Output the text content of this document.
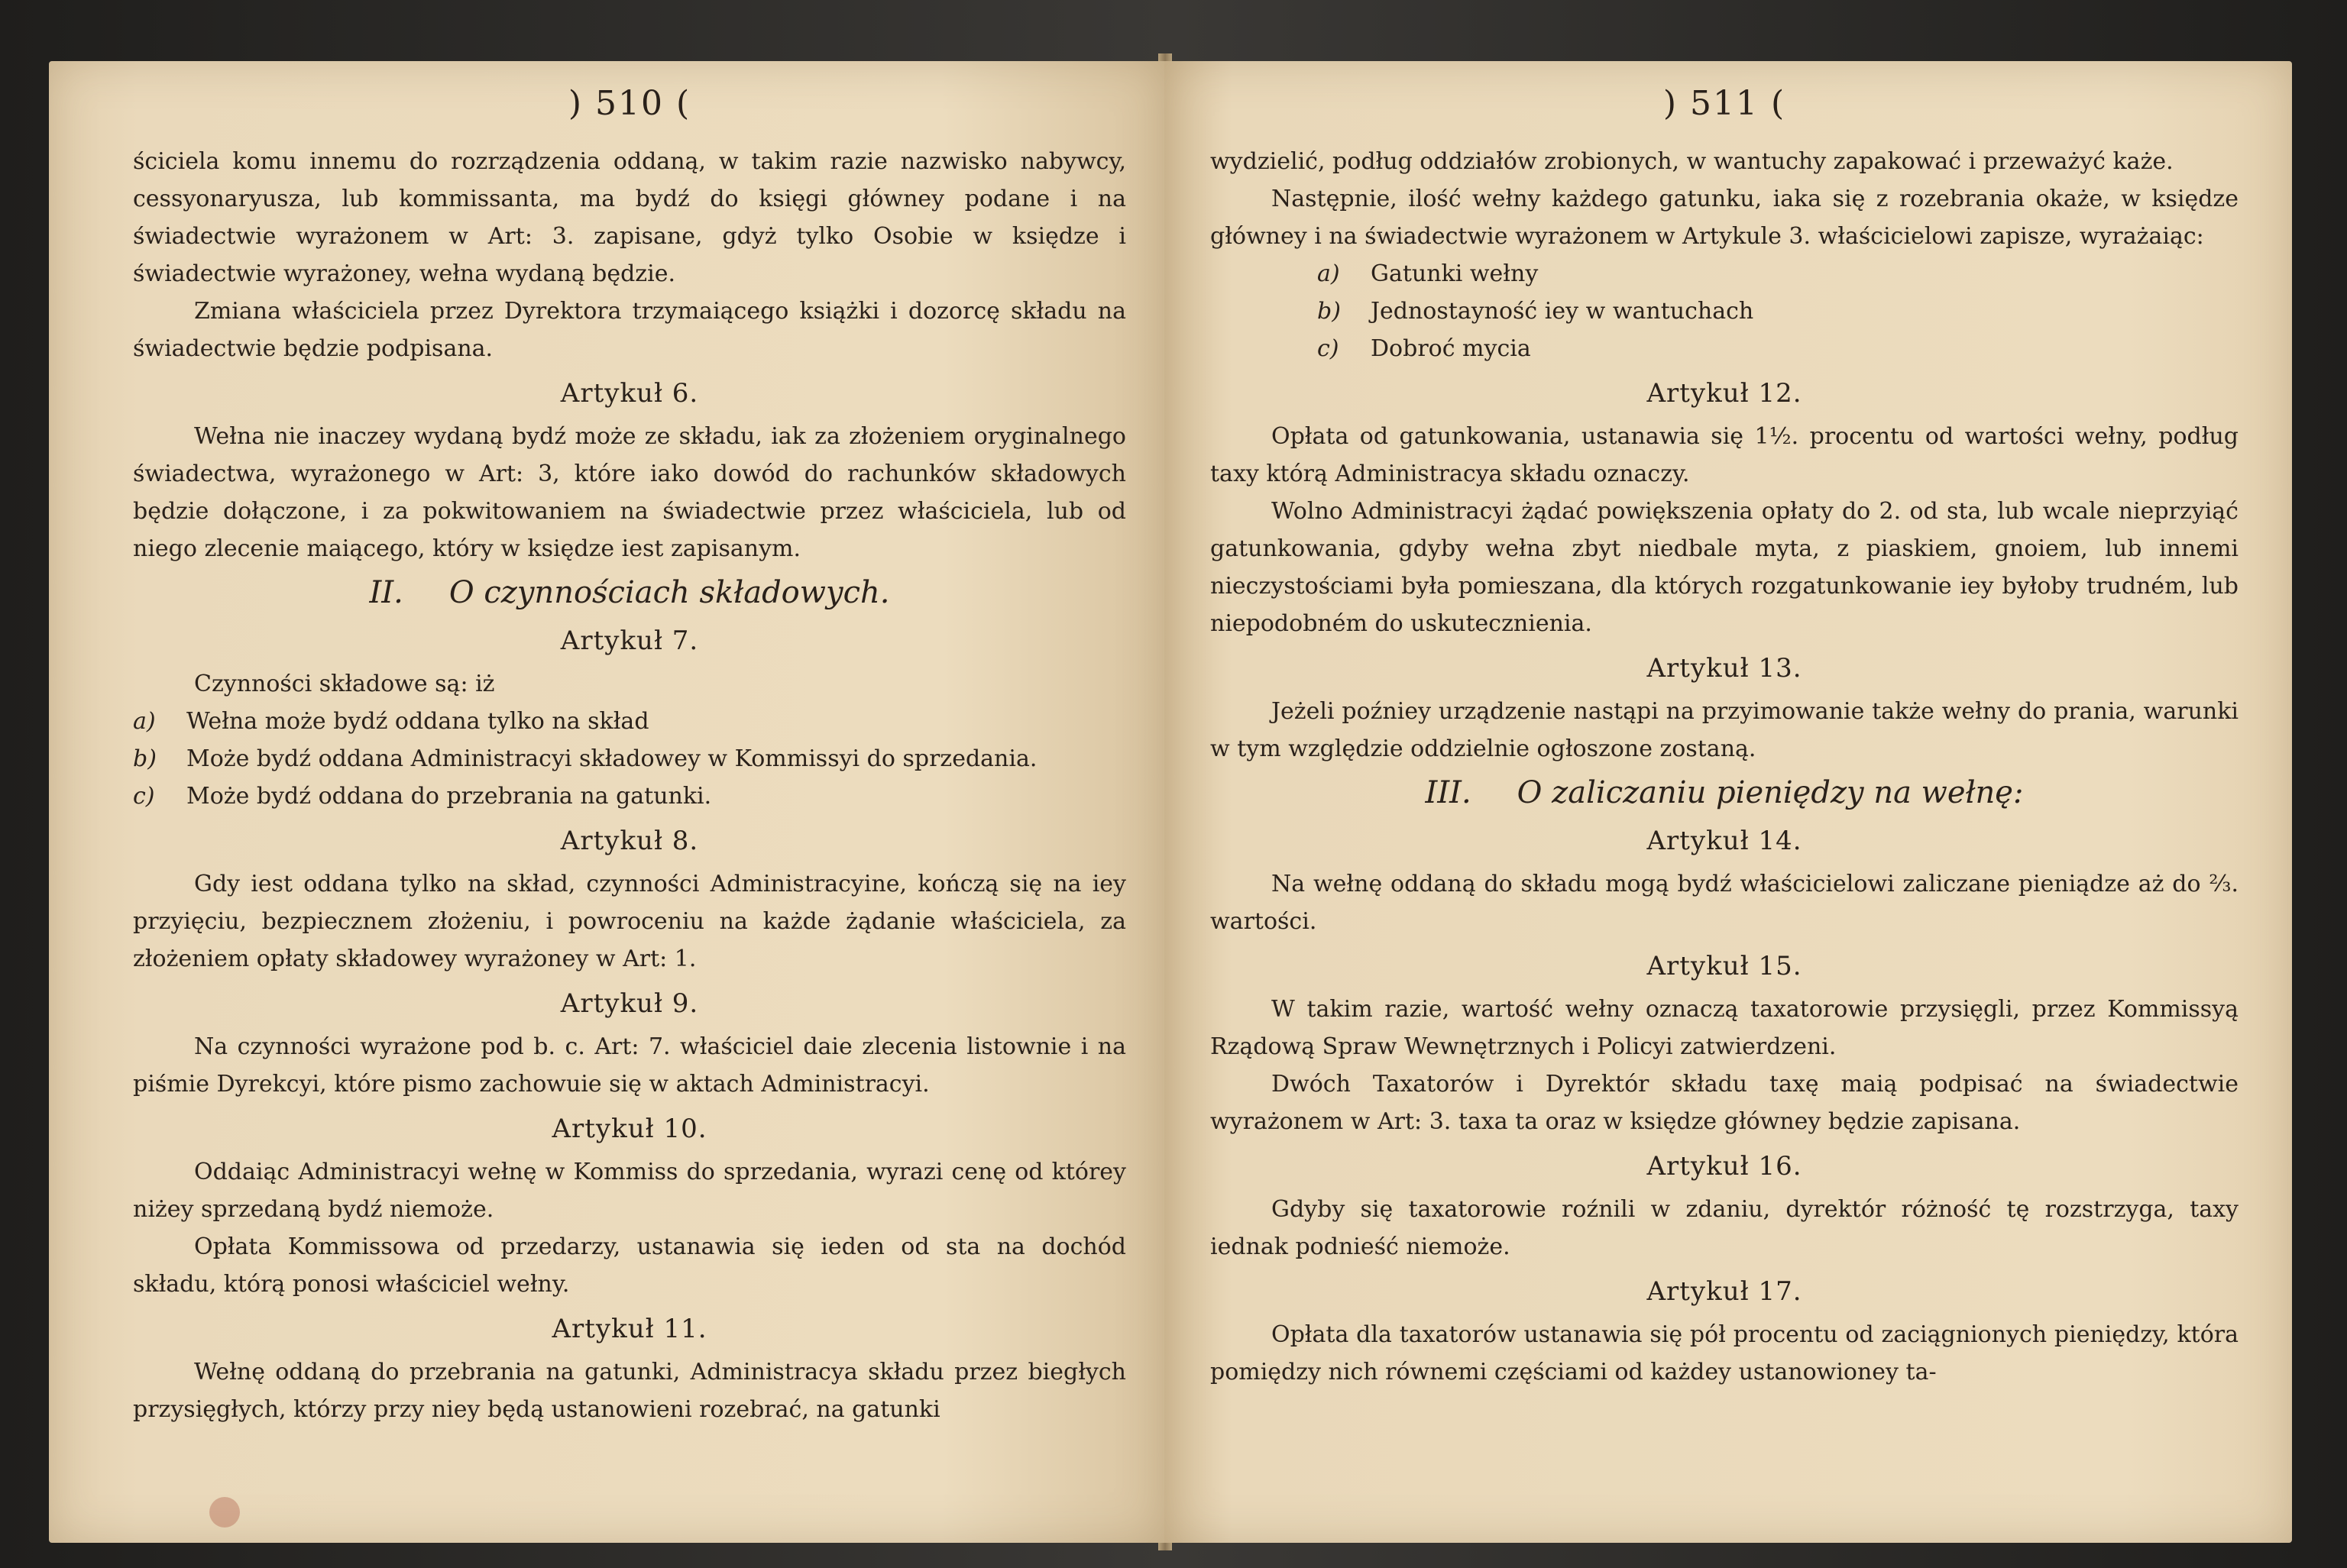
) 510 (

ściciela komu innemu do rozrządzenia oddaną, w takim razie nazwisko nabywcy, cessyonaryusza, lub kommissanta, ma bydź do księgi główney podane i na świadectwie wyrażonem w Art: 3. zapisane, gdyż tylko Osobie w księdze i świadectwie wyrażoney, wełna wydaną będzie.

Zmiana właściciela przez Dyrektora trzymaiącego książki i dozorcę składu na świadectwie będzie podpisana.

Artykuł 6.

Wełna nie inaczey wydaną bydź może ze składu, iak za złożeniem oryginalnego świadectwa, wyrażonego w Art: 3, które iako dowód do rachunków składowych będzie dołączone, i za pokwitowaniem na świadectwie przez właściciela, lub od niego zlecenie maiącego, który w księdze iest zapisanym.

II. O czynnościach składowych.
Artykuł 7.

Czynności składowe są: iż

a) Wełna może bydź oddana tylko na skład
b) Może bydź oddana Administracyi składowey w Kommissyi do sprzedania.
c) Może bydź oddana do przebrania na gatunki.
Artykuł 8.

Gdy iest oddana tylko na skład, czynności Administracyine, kończą się na iey przyięciu, bezpiecznem złożeniu, i powroceniu na każde żądanie właściciela, za złożeniem opłaty składowey wyrażoney w Art: 1.

Artykuł 9.

Na czynności wyrażone pod b. c. Art: 7. właściciel daie zlecenia listownie i na piśmie Dyrekcyi, które pismo zachowuie się w aktach Administracyi.

Artykuł 10.

Oddaiąc Administracyi wełnę w Kommiss do sprzedania, wyrazi cenę od którey niżey sprzedaną bydź niemoże.

Opłata Kommissowa od przedarzy, ustanawia się ieden od sta na dochód składu, którą ponosi właściciel wełny.

Artykuł 11.

Wełnę oddaną do przebrania na gatunki, Administracya składu przez biegłych przysięgłych, którzy przy niey będą ustanowieni rozebrać, na gatunki

) 511 (

wydzielić, podług oddziałów zrobionych, w wantuchy zapakować i przeważyć każe.

Następnie, ilość wełny każdego gatunku, iaka się z rozebrania okaże, w księdze główney i na świadectwie wyrażonem w Artykule 3. właścicielowi zapisze, wyrażaiąc:

a) Gatunki wełny
b) Jednostayność iey w wantuchach
c) Dobroć mycia
Artykuł 12.

Opłata od gatunkowania, ustanawia się 1½. procentu od wartości wełny, podług taxy którą Administracya składu oznaczy.

Wolno Administracyi żądać powiększenia opłaty do 2. od sta, lub wcale nieprzyiąć gatunkowania, gdyby wełna zbyt niedbale myta, z piaskiem, gnoiem, lub innemi nieczystościami była pomieszana, dla których rozgatunkowanie iey byłoby trudném, lub niepodobném do uskutecznienia.

Artykuł 13.

Jeżeli poźniey urządzenie nastąpi na przyimowanie także wełny do prania, warunki w tym względzie oddzielnie ogłoszone zostaną.

III. O zaliczaniu pieniędzy na wełnę:
Artykuł 14.

Na wełnę oddaną do składu mogą bydź właścicielowi zaliczane pieniądze aż do ⅔. wartości.

Artykuł 15.

W takim razie, wartość wełny oznaczą taxatorowie przysięgli, przez Kommissyą Rządową Spraw Wewnętrznych i Policyi zatwierdzeni.

Dwóch Taxatorów i Dyrektór składu taxę maią podpisać na świadectwie wyrażonem w Art: 3. taxa ta oraz w księdze główney będzie zapisana.

Artykuł 16.

Gdyby się taxatorowie roźnili w zdaniu, dyrektór różność tę rozstrzyga, taxy iednak podnieść niemoże.

Artykuł 17.

Opłata dla taxatorów ustanawia się pół procentu od zaciągnionych pieniędzy, która pomiędzy nich równemi częściami od każdey ustanowioney ta-
